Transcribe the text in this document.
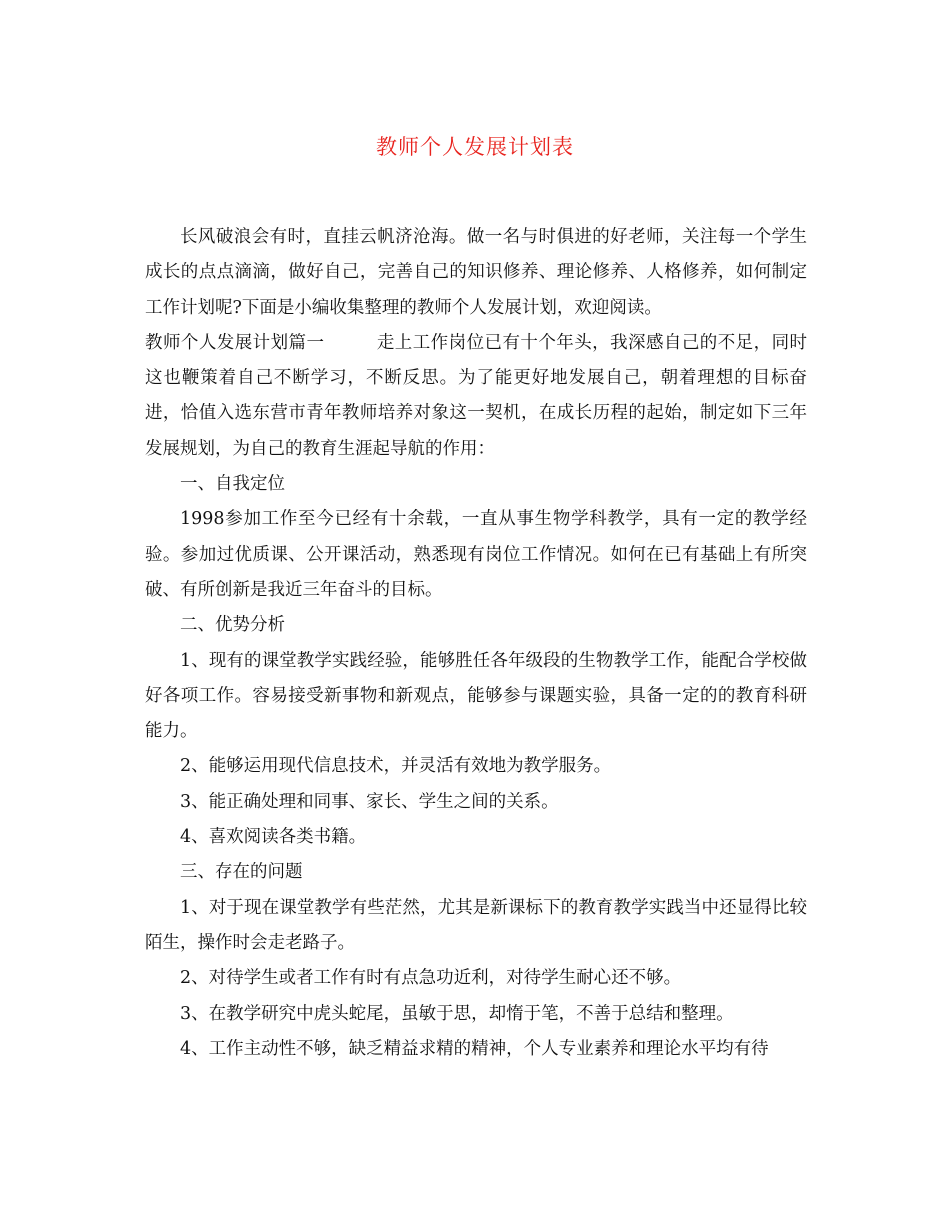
教师个人发展计划表

长风破浪会有时，直挂云帆济沧海。做一名与时俱进的好老师，关注每一个学生成长的点点滴滴，做好自己，完善自己的知识修养、理论修养、人格修养，如何制定工作计划呢?下面是小编收集整理的教师个人发展计划，欢迎阅读。

教师个人发展计划篇一	走上工作岗位已有十个年头，我深感自己的不足，同时这也鞭策着自己不断学习，不断反思。为了能更好地发展自己，朝着理想的目标奋进，恰值入选东营市青年教师培养对象这一契机，在成长历程的起始，制定如下三年发展规划，为自己的教育生涯起导航的作用：

一、自我定位

1998参加工作至今已经有十余载，一直从事生物学科教学，具有一定的教学经验。参加过优质课、公开课活动，熟悉现有岗位工作情况。如何在已有基础上有所突破、有所创新是我近三年奋斗的目标。

二、优势分析

1、现有的课堂教学实践经验，能够胜任各年级段的生物教学工作，能配合学校做好各项工作。容易接受新事物和新观点，能够参与课题实验，具备一定的的教育科研能力。

2、能够运用现代信息技术，并灵活有效地为教学服务。

3、能正确处理和同事、家长、学生之间的关系。

4、喜欢阅读各类书籍。

三、存在的问题

1、对于现在课堂教学有些茫然，尤其是新课标下的教育教学实践当中还显得比较陌生，操作时会走老路子。

2、对待学生或者工作有时有点急功近利，对待学生耐心还不够。

3、在教学研究中虎头蛇尾，虽敏于思，却惰于笔，不善于总结和整理。

4、工作主动性不够，缺乏精益求精的精神，个人专业素养和理论水平均有待
